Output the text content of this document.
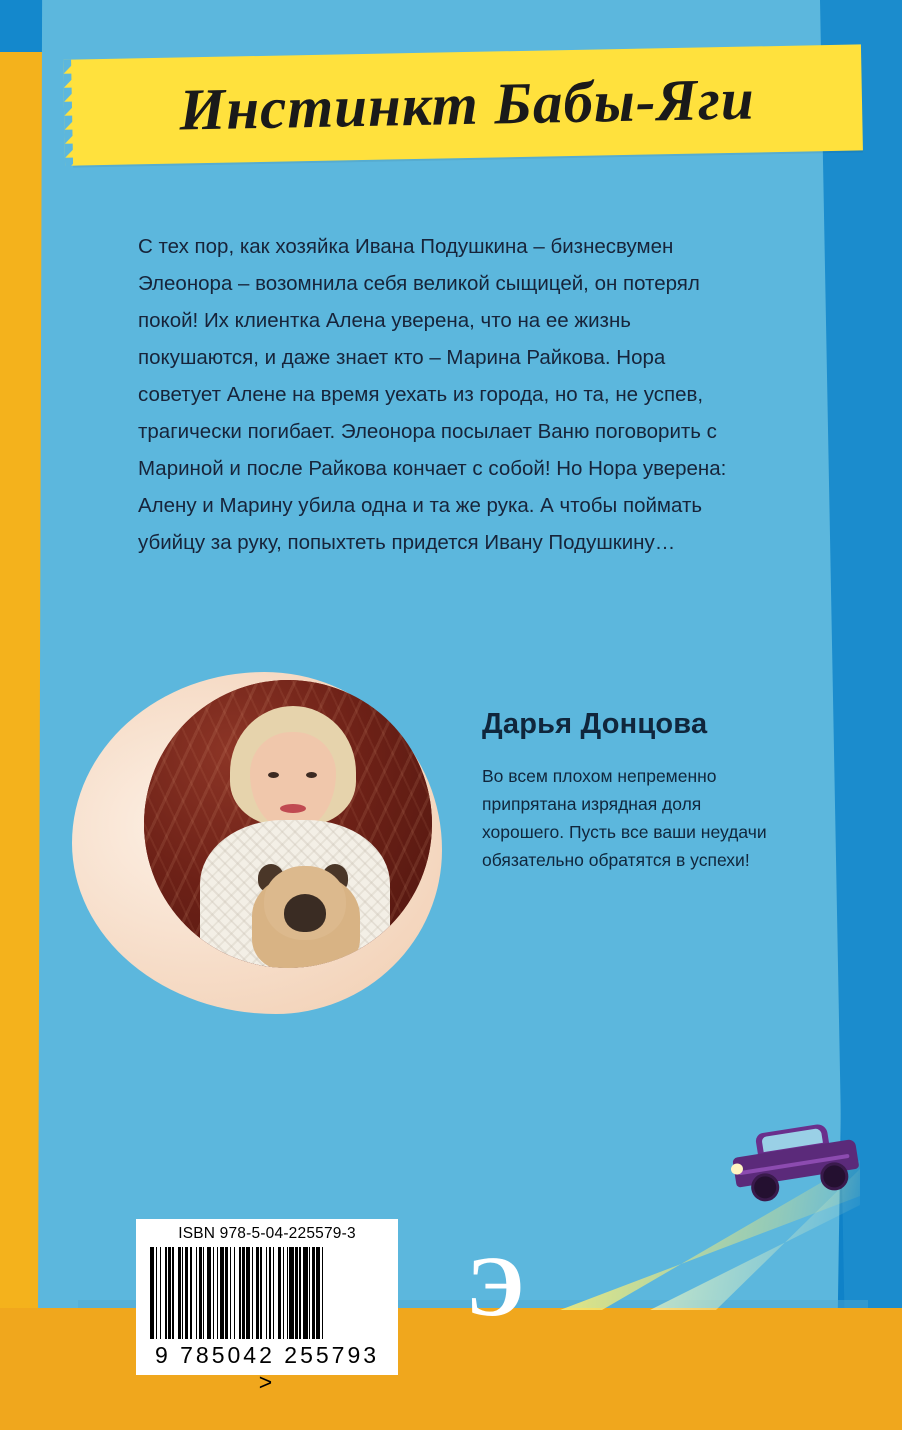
Инстинкт Бабы-Яги

С тех пор, как хозяйка Ивана Подушкина – бизнесвумен Элеонора – возомнила себя великой сыщицей, он потерял покой! Их клиентка Алена уверена, что на ее жизнь покушаются, и даже знает кто – Марина Райкова. Нора советует Алене на время уехать из города, но та, не успев, трагически погибает. Элеонора посылает Ваню поговорить с Мариной и после Райкова кончает с собой! Но Нора уверена: Алену и Марину убила одна и та же рука. А чтобы поймать убийцу за руку, попыхтеть придется Ивану Подушкину…

Дарья Донцова
Во всем плохом непременно припрятана изрядная доля хорошего. Пусть все ваши неудачи обязательно обратятся в успехи!
ISBN 978-5-04-225579-3
9 785042 255793 >
Э
